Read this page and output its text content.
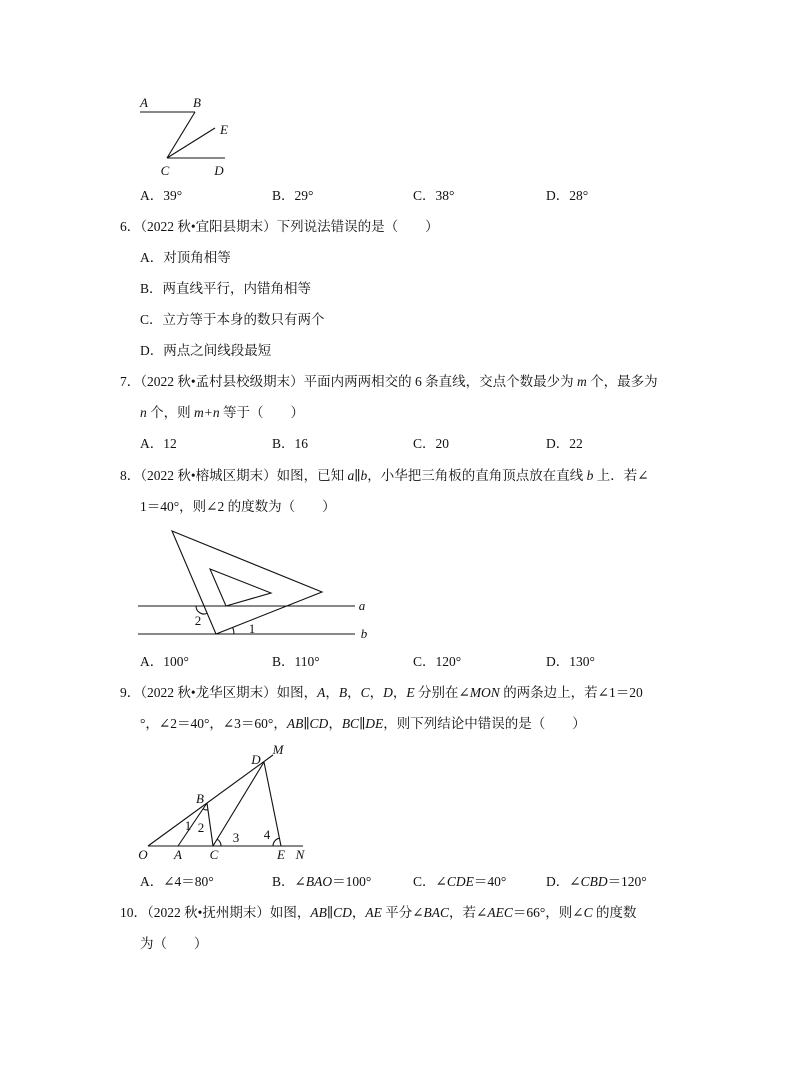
A	B
E
C	D
A．39°	B．29°	C．38°	D．28°
6．（2022 秋•宜阳县期末）下列说法错误的是（　　）
A．对顶角相等
B．两直线平行，内错角相等
C．立方等于本身的数只有两个
D．两点之间线段最短
7．（2022 秋•孟村县校级期末）平面内两两相交的 6 条直线，交点个数最少为 m 个，最多为
n 个，则 m+n 等于（　　）
A．12	B．16	C．20	D．22
8．（2022 秋•榕城区期末）如图，已知 a∥b，小华把三角板的直角顶点放在直线 b 上．若∠
1＝40°，则∠2 的度数为（　　）
a
b
2
1
A．100°	B．110°	C．120°	D．130°
9．（2022 秋•龙华区期末）如图，A，B，C，D，E 分别在∠MON 的两条边上，若∠1＝20
°，∠2＝40°，∠3＝60°，AB∥CD，BC∥DE，则下列结论中错误的是（　　）
M
D
B
1 2
3 4
O A C	E N
A．∠4＝80°	B．∠BAO＝100°	C．∠CDE＝40°	D．∠CBD＝120°
10．（2022 秋•抚州期末）如图，AB∥CD，AE 平分∠BAC，若∠AEC＝66°，则∠C 的度数
为（　　）
